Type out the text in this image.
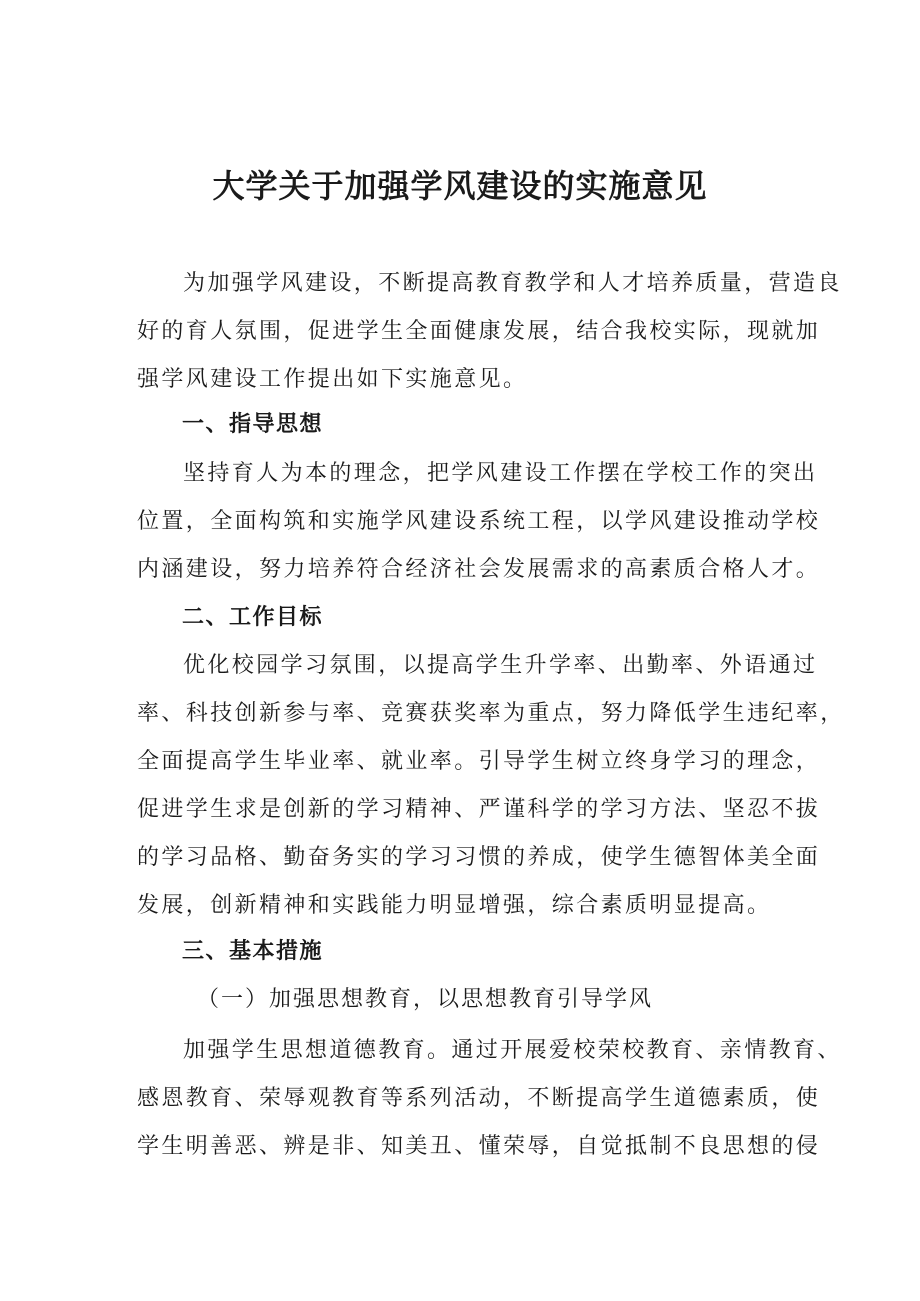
大学关于加强学风建设的实施意见
为加强学风建设，不断提高教育教学和人才培养质量，营造良
好的育人氛围，促进学生全面健康发展，结合我校实际，现就加
强学风建设工作提出如下实施意见。
一、指导思想
坚持育人为本的理念，把学风建设工作摆在学校工作的突出
位置，全面构筑和实施学风建设系统工程，以学风建设推动学校
内涵建设，努力培养符合经济社会发展需求的高素质合格人才。
二、工作目标
优化校园学习氛围，以提高学生升学率、出勤率、外语通过
率、科技创新参与率、竞赛获奖率为重点，努力降低学生违纪率，
全面提高学生毕业率、就业率。引导学生树立终身学习的理念，
促进学生求是创新的学习精神、严谨科学的学习方法、坚忍不拔
的学习品格、勤奋务实的学习习惯的养成，使学生德智体美全面
发展，创新精神和实践能力明显增强，综合素质明显提高。
三、基本措施
（一）加强思想教育，以思想教育引导学风
加强学生思想道德教育。通过开展爱校荣校教育、亲情教育、
感恩教育、荣辱观教育等系列活动，不断提高学生道德素质，使
学生明善恶、辨是非、知美丑、懂荣辱，自觉抵制不良思想的侵
